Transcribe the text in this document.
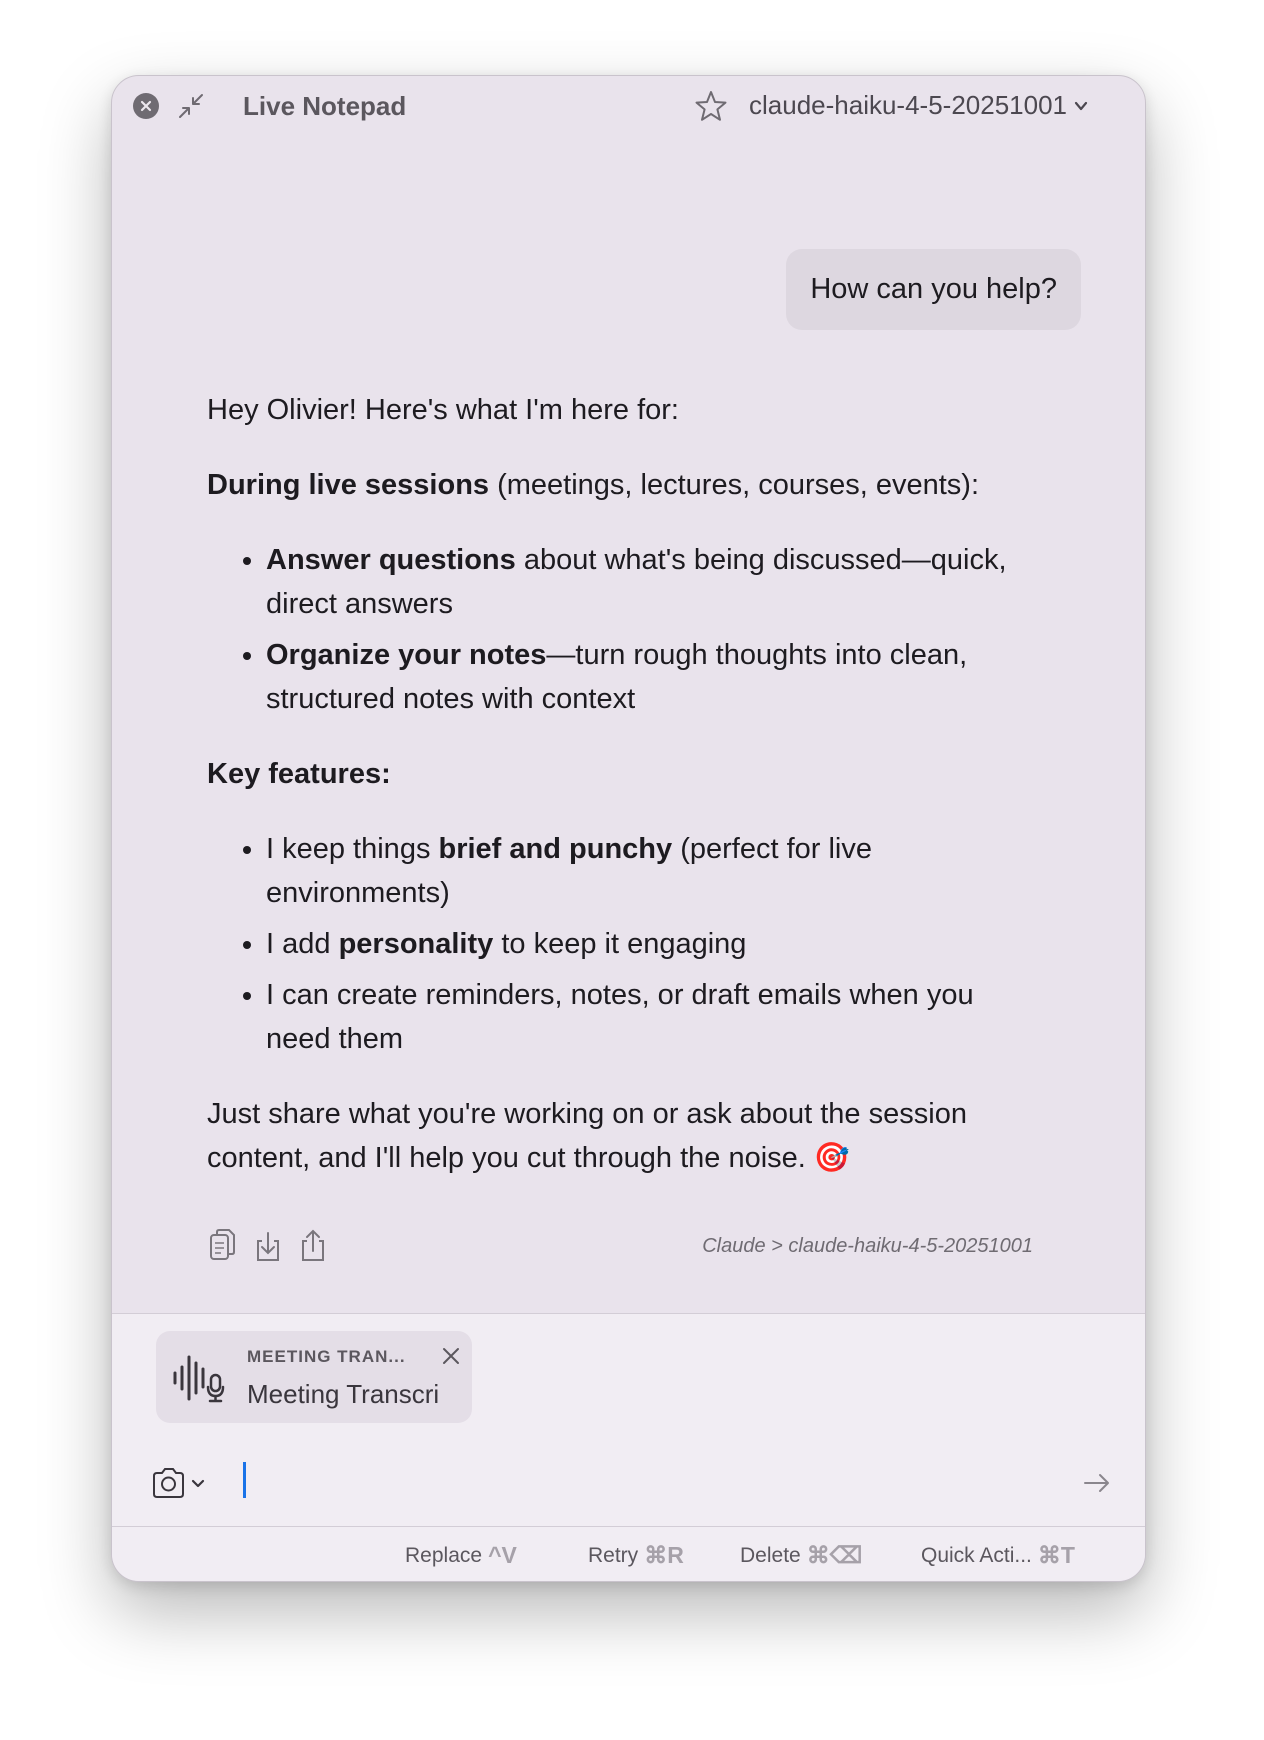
Live Notepad	claude-haiku-4-5-20251001
How can you help?

Hey Olivier! Here's what I'm here for:

During live sessions (meetings, lectures, courses, events):

• Answer questions about what's being discussed—quick, direct answers
• Organize your notes—turn rough thoughts into clean, structured notes with context

Key features:

• I keep things brief and punchy (perfect for live environments)
• I add personality to keep it engaging
• I can create reminders, notes, or draft emails when you need them

Just share what you're working on or ask about the session content, and I'll help you cut through the noise. 🎯

Claude > claude-haiku-4-5-20251001
MEETING TRAN...
Meeting Transcri
Replace ^V	Retry ⌘R	Delete ⌘⌫	Quick Acti... ⌘T
